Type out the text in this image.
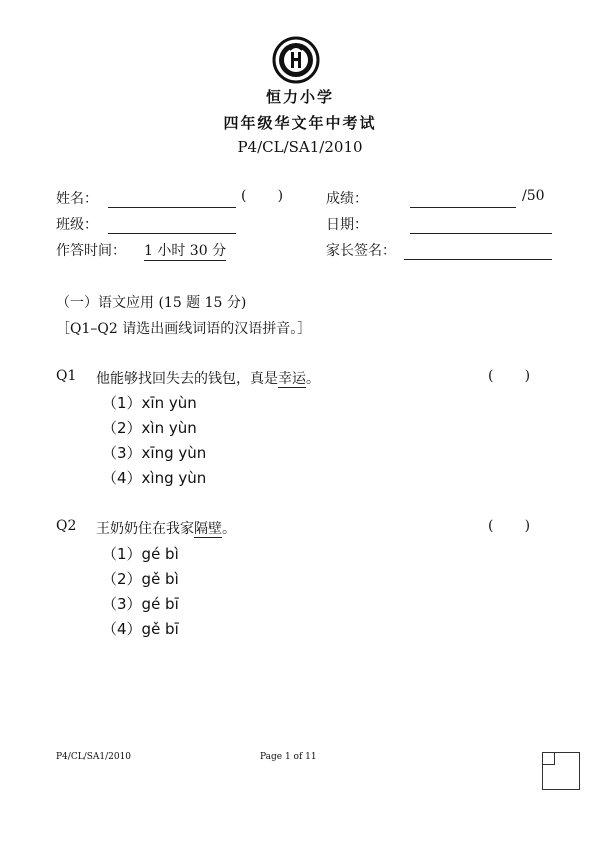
恒力小学
四年级华文年中考试
P4/CL/SA1/2010
姓名：	(       )	成绩：	/50
班级：	日期：
作答时间： 1 小时 30 分	家长签名：
（一）语文应用 (15 题 15 分)
［Q1–Q2 请选出画线词语的汉语拼音。］
Q1 他能够找回失去的钱包，真是幸运。	(       )
（1）xīn yùn
（2）xìn yùn
（3）xīng yùn
（4）xìng yùn
Q2 王奶奶住在我家隔壁。	(       )
（1）gé bì
（2）gě bì
（3）gé bī
（4）gě bī
P4/CL/SA1/2010	Page 1 of 11
